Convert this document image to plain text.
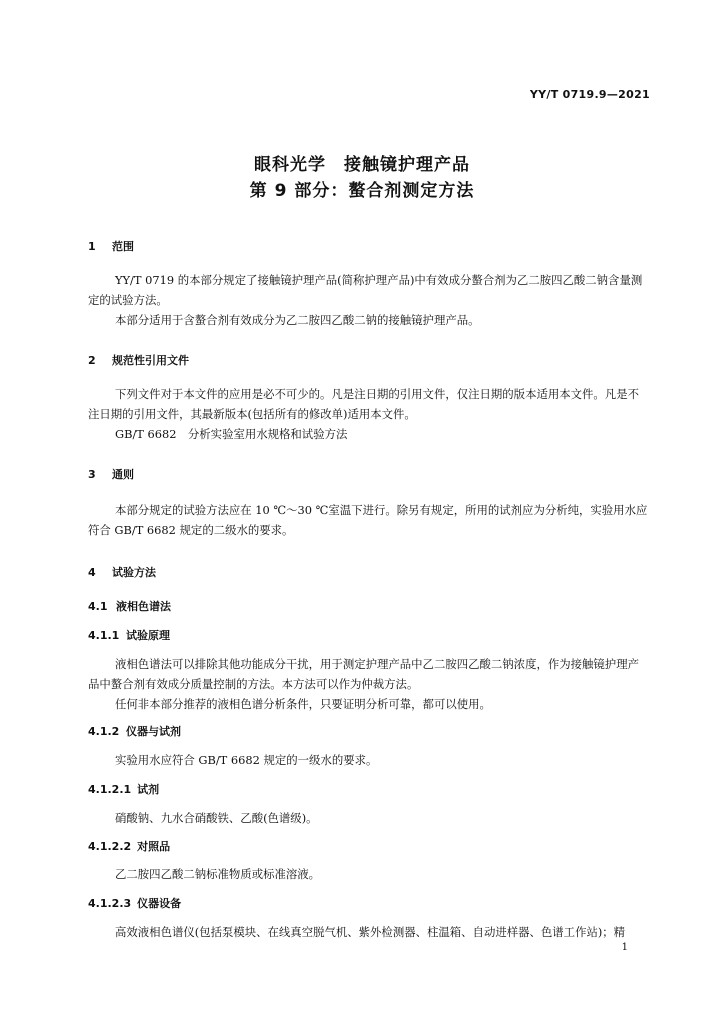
YY/T 0719.9—2021
眼科光学　接触镜护理产品
第 9 部分：螯合剂测定方法
1 范围
YY/T 0719 的本部分规定了接触镜护理产品(简称护理产品)中有效成分螯合剂为乙二胺四乙酸二钠含量测定的试验方法。
本部分适用于含螯合剂有效成分为乙二胺四乙酸二钠的接触镜护理产品。
2 规范性引用文件
下列文件对于本文件的应用是必不可少的。凡是注日期的引用文件，仅注日期的版本适用本文件。凡是不注日期的引用文件，其最新版本(包括所有的修改单)适用本文件。
GB/T 6682　分析实验室用水规格和试验方法
3 通则
本部分规定的试验方法应在 10 ℃～30 ℃室温下进行。除另有规定，所用的试剂应为分析纯，实验用水应符合 GB/T 6682 规定的二级水的要求。
4 试验方法
4.1 液相色谱法
4.1.1 试验原理
液相色谱法可以排除其他功能成分干扰，用于测定护理产品中乙二胺四乙酸二钠浓度，作为接触镜护理产品中螯合剂有效成分质量控制的方法。本方法可以作为仲裁方法。
任何非本部分推荐的液相色谱分析条件，只要证明分析可靠，都可以使用。
4.1.2 仪器与试剂
实验用水应符合 GB/T 6682 规定的一级水的要求。
4.1.2.1 试剂
硝酸钠、九水合硝酸铁、乙酸(色谱级)。
4.1.2.2 对照品
乙二胺四乙酸二钠标准物质或标准溶液。
4.1.2.3 仪器设备
高效液相色谱仪(包括泵模块、在线真空脱气机、紫外检测器、柱温箱、自动进样器、色谱工作站)；精
1
